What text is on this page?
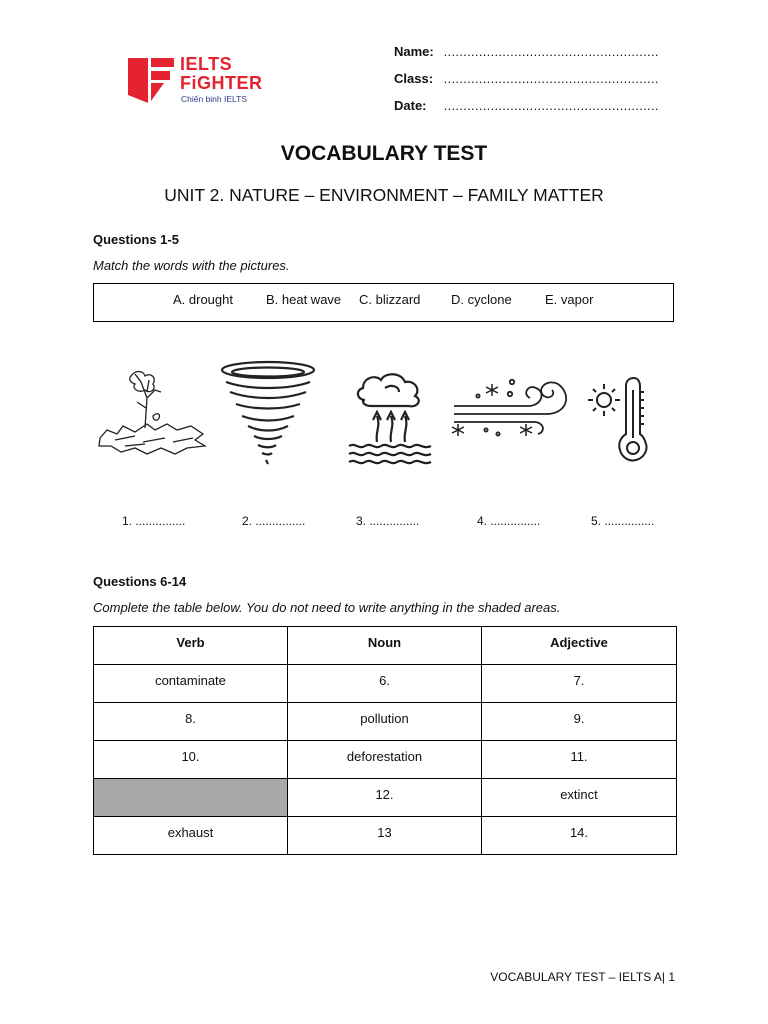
IELTS
FiGHTER
Chiến binh IELTS
Name: .......................................................
Class: .......................................................
Date: .......................................................
VOCABULARY TEST
UNIT 2. NATURE – ENVIRONMENT – FAMILY MATTER
Questions 1-5
Match the words with the pictures.
A. drought	B. heat wave C. blizzard D. cyclone	E. vapor
1. ...............	2. ...............	3. ...............	4. ...............	5. ...............
Questions 6-14
Complete the table below. You do not need to write anything in the shaded areas.
Verb	Noun	Adjective
contaminate	6.	7.
8.	pollution	9.
10.	deforestation	11.
	12.	extinct
exhaust	13	14.
VOCABULARY TEST – IELTS A| 1
